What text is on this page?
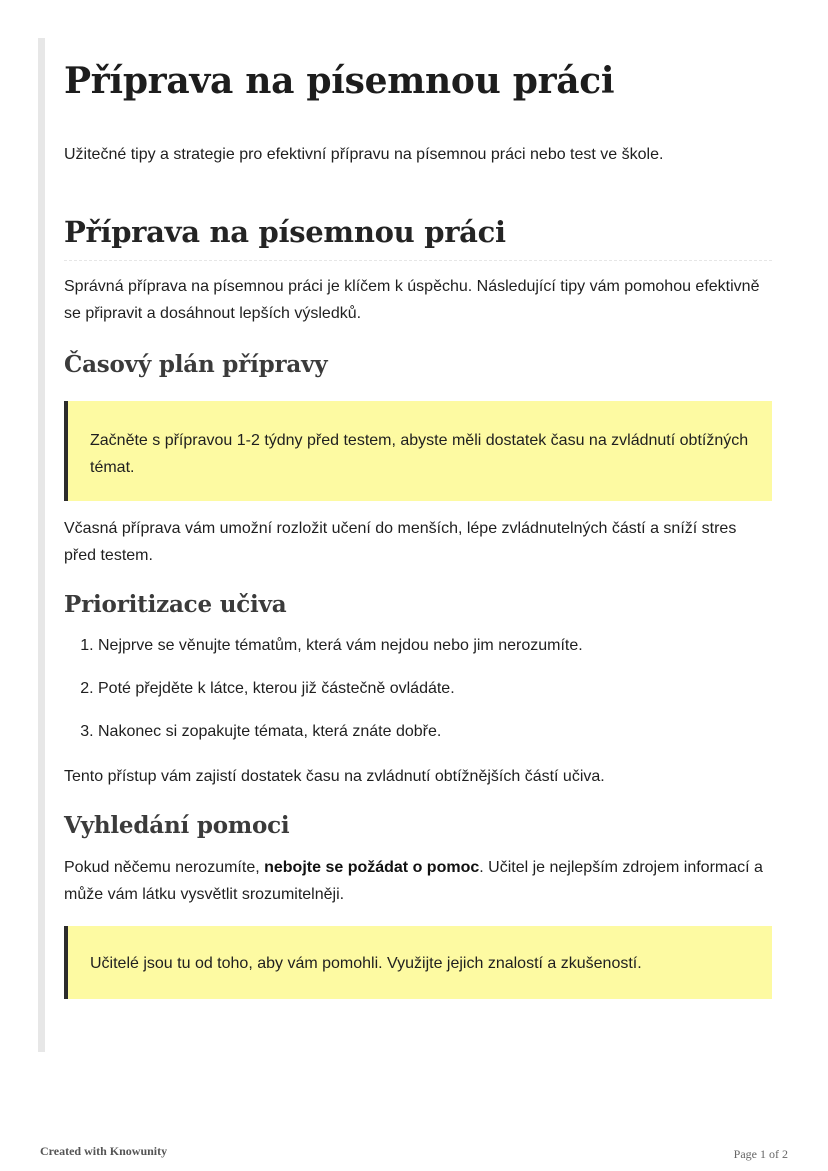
Příprava na písemnou práci

Užitečné tipy a strategie pro efektivní přípravu na písemnou práci nebo test ve škole.

Příprava na písemnou práci

Správná příprava na písemnou práci je klíčem k úspěchu. Následující tipy vám pomohou efektivně se připravit a dosáhnout lepších výsledků.

Časový plán přípravy
Začněte s přípravou 1-2 týdny před testem, abyste měli dostatek času na zvládnutí obtížných témat.

Včasná příprava vám umožní rozložit učení do menších, lépe zvládnutelných částí a sníží stres před testem.

Prioritizace učiva
1. Nejprve se věnujte tématům, která vám nejdou nebo jim nerozumíte.
2. Poté přejděte k látce, kterou již částečně ovládáte.
3. Nakonec si zopakujte témata, která znáte dobře.

Tento přístup vám zajistí dostatek času na zvládnutí obtížnějších částí učiva.

Vyhledání pomoci

Pokud něčemu nerozumíte, nebojte se požádat o pomoc. Učitel je nejlepším zdrojem informací a může vám látku vysvětlit srozumitelněji.

Učitelé jsou tu od toho, aby vám pomohli. Využijte jejich znalostí a zkušeností.
Created with Knowunity	Page 1 of 2
